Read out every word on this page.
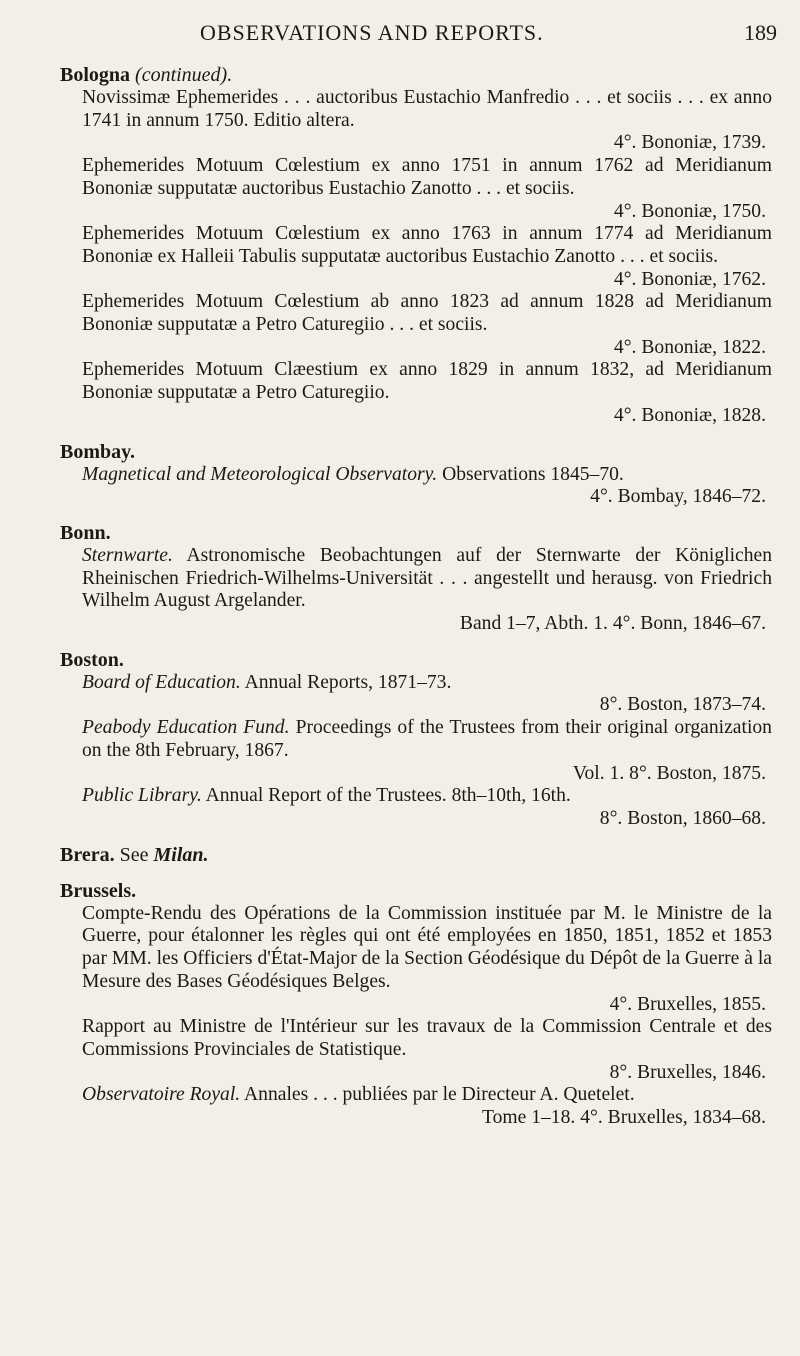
OBSERVATIONS AND REPORTS.	189
Bologna (continued).
Novissimæ Ephemerides . . . auctoribus Eustachio Manfredio . . . et sociis . . . ex anno 1741 in annum 1750. Editio altera.
4°. Bononiæ, 1739.
Ephemerides Motuum Cœlestium ex anno 1751 in annum 1762 ad Meridianum Bononiæ supputatæ auctoribus Eustachio Zanotto . . . et sociis.
4°. Bononiæ, 1750.
Ephemerides Motuum Cœlestium ex anno 1763 in annum 1774 ad Meridianum Bononiæ ex Halleii Tabulis supputatæ auctoribus Eustachio Zanotto . . . et sociis.
4°. Bononiæ, 1762.
Ephemerides Motuum Cœlestium ab anno 1823 ad annum 1828 ad Meridianum Bononiæ supputatæ a Petro Caturegiio . . . et sociis.
4°. Bononiæ, 1822.
Ephemerides Motuum Clæestium ex anno 1829 in annum 1832, ad Meridianum Bononiæ supputatæ a Petro Caturegiio.
4°. Bononiæ, 1828.
Bombay.
Magnetical and Meteorological Observatory. Observations 1845–70.
4°. Bombay, 1846–72.
Bonn.
Sternwarte. Astronomische Beobachtungen auf der Sternwarte der Königlichen Rheinischen Friedrich-Wilhelms-Universität . . . angestellt und herausg. von Friedrich Wilhelm August Argelander.
Band 1–7, Abth. 1. 4°. Bonn, 1846–67.
Boston.
Board of Education. Annual Reports, 1871–73.
8°. Boston, 1873–74.
Peabody Education Fund. Proceedings of the Trustees from their original organization on the 8th February, 1867.
Vol. 1. 8°. Boston, 1875.
Public Library. Annual Report of the Trustees. 8th–10th, 16th.
8°. Boston, 1860–68.
Brera. See Milan.
Brussels.
Compte-Rendu des Opérations de la Commission instituée par M. le Ministre de la Guerre, pour étalonner les règles qui ont été employées en 1850, 1851, 1852 et 1853 par MM. les Officiers d'État-Major de la Section Géodésique du Dépôt de la Guerre à la Mesure des Bases Géodésiques Belges.
4°. Bruxelles, 1855.
Rapport au Ministre de l'Intérieur sur les travaux de la Commission Centrale et des Commissions Provinciales de Statistique.
8°. Bruxelles, 1846.
Observatoire Royal. Annales . . . publiées par le Directeur A. Quetelet.
Tome 1–18. 4°. Bruxelles, 1834–68.
